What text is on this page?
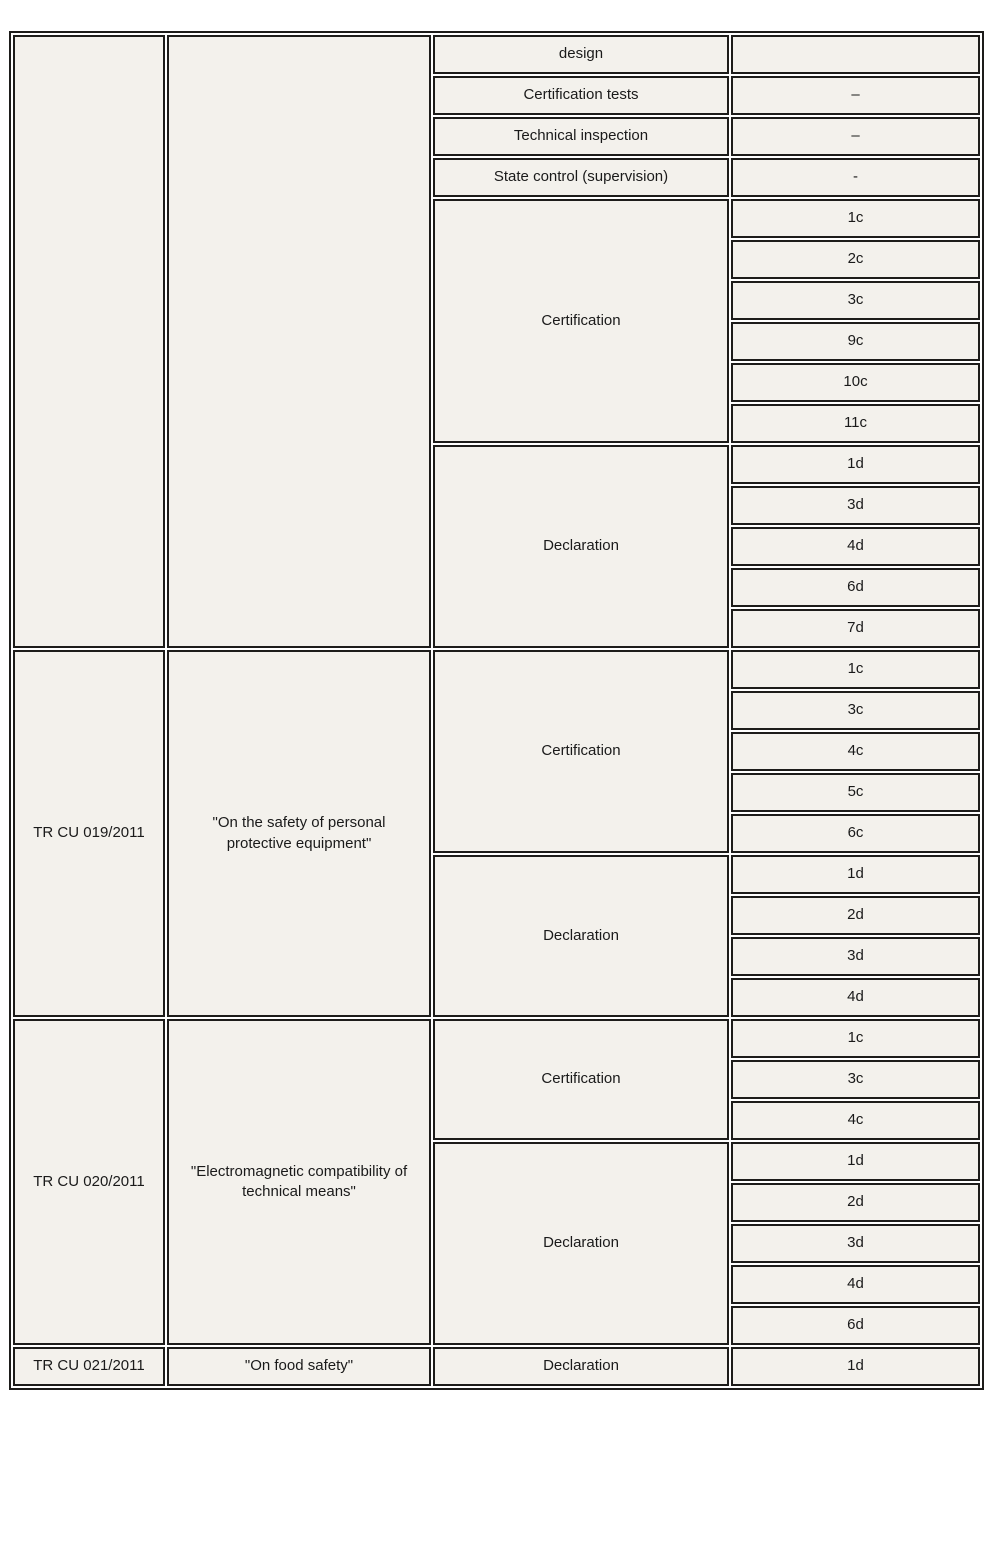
		design	
		Certification tests	–
		Technical inspection	–
		State control (supervision)	-
		Certification	1c
			2c
			3c
			9c
			10c
			11c
		Declaration	1d
			3d
			4d
			6d
			7d
TR CU 019/2011	"On the safety of personal protective equipment"	Certification	1c
			3c
			4c
			5c
			6c
		Declaration	1d
			2d
			3d
			4d
TR CU 020/2011	"Electromagnetic compatibility of technical means"	Certification	1c
			3c
			4c
		Declaration	1d
			2d
			3d
			4d
			6d
TR CU 021/2011	"On food safety"	Declaration	1d
